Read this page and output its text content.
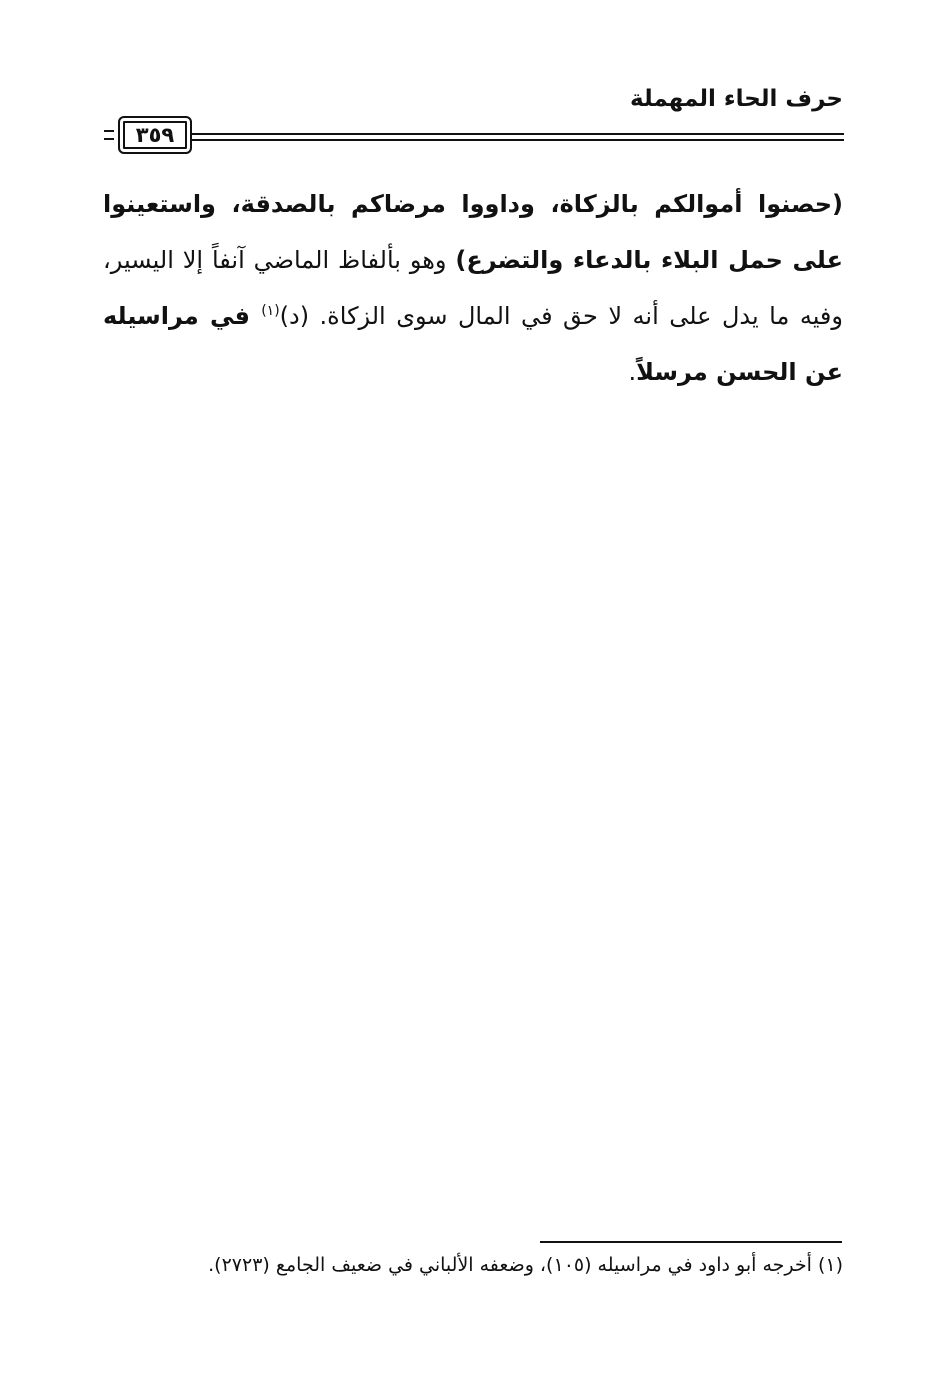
حرف الحاء المهملة
٣٥٩
(حصنوا أموالكم بالزكاة، وداووا مرضاكم بالصدقة، واستعينوا على حمل البلاء بالدعاء والتضرع) وهو بألفاظ الماضي آنفاً إلا اليسير، وفيه ما يدل على أنه لا حق في المال سوى الزكاة. (د)$^{(١)}$ في مراسيله عن الحسن مرسلاً.
(١) أخرجه أبو داود في مراسيله (١٠٥)، وضعفه الألباني في ضعيف الجامع (٢٧٢٣).
